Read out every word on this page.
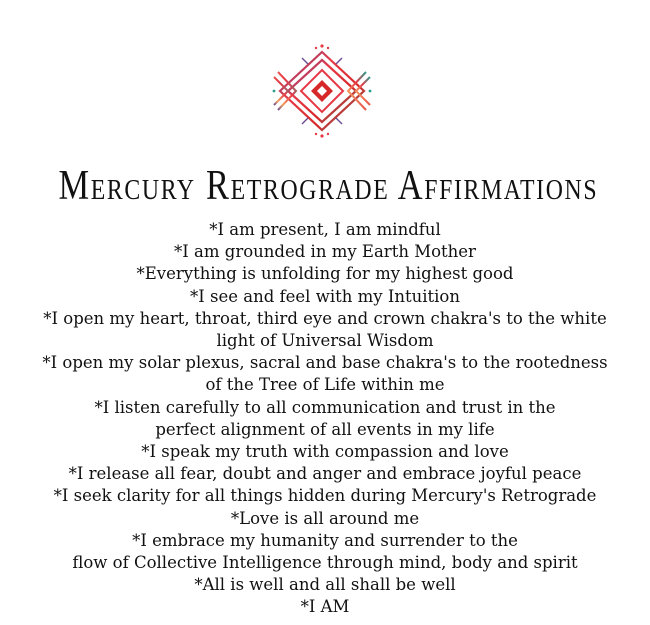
Mercury Retrograde Affirmations
*I am present, I am mindful
*I am grounded in my Earth Mother
*Everything is unfolding for my highest good
*I see and feel with my Intuition
*I open my heart, throat, third eye and crown chakra's to the white
light of Universal Wisdom
*I open my solar plexus, sacral and base chakra's to the rootedness
of the Tree of Life within me
*I listen carefully to all communication and trust in the
perfect alignment of all events in my life
*I speak my truth with compassion and love
*I release all fear, doubt and anger and embrace joyful peace
*I seek clarity for all things hidden during Mercury's Retrograde
*Love is all around me
*I embrace my humanity and surrender to the
flow of Collective Intelligence through mind, body and spirit
*All is well and all shall be well
*I AM
